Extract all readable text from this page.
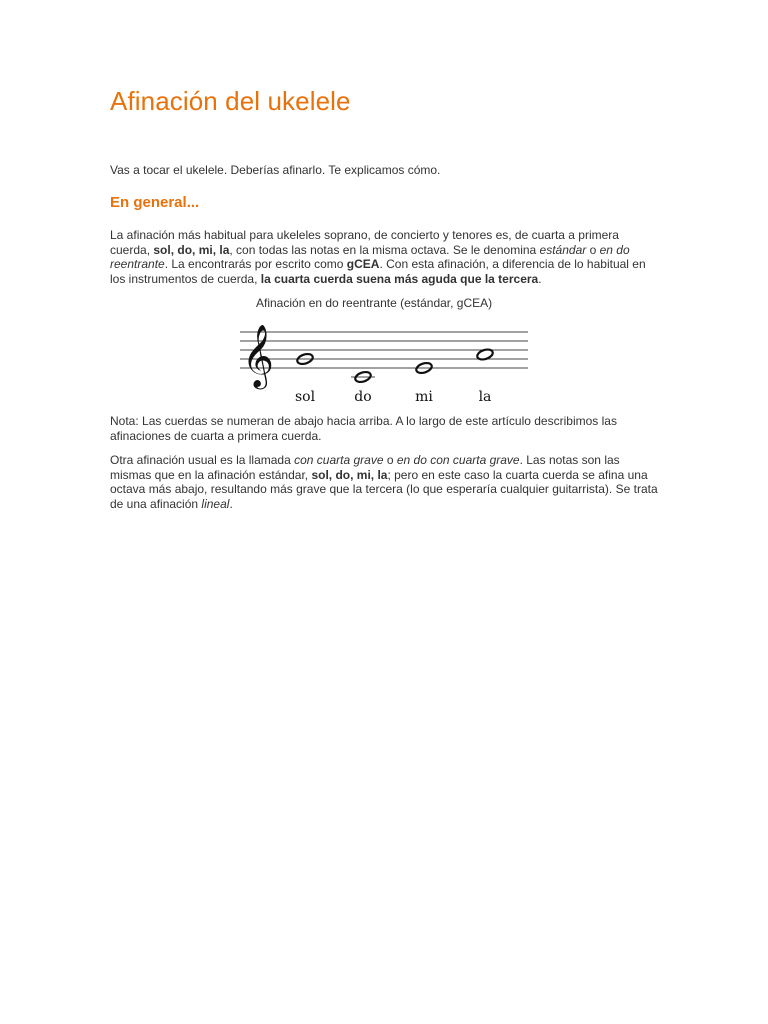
Afinación del ukelele

Vas a tocar el ukelele. Deberías afinarlo. Te explicamos cómo.

En general...

La afinación más habitual para ukeleles soprano, de concierto y tenores es, de cuarta a primera cuerda, sol, do, mi, la, con todas las notas en la misma octava. Se le denomina estándar o en do reentrante. La encontrarás por escrito como gCEA. Con esta afinación, a diferencia de lo habitual en los instrumentos de cuerda, la cuarta cuerda suena más aguda que la tercera.

Afinación en do reentrante (estándar, gCEA)

𝄞
sol	do	mi	la

Nota: Las cuerdas se numeran de abajo hacia arriba. A lo largo de este artículo describimos las afinaciones de cuarta a primera cuerda.

Otra afinación usual es la llamada con cuarta grave o en do con cuarta grave. Las notas son las mismas que en la afinación estándar, sol, do, mi, la; pero en este caso la cuarta cuerda se afina una octava más abajo, resultando más grave que la tercera (lo que esperaría cualquier guitarrista). Se trata de una afinación lineal.
